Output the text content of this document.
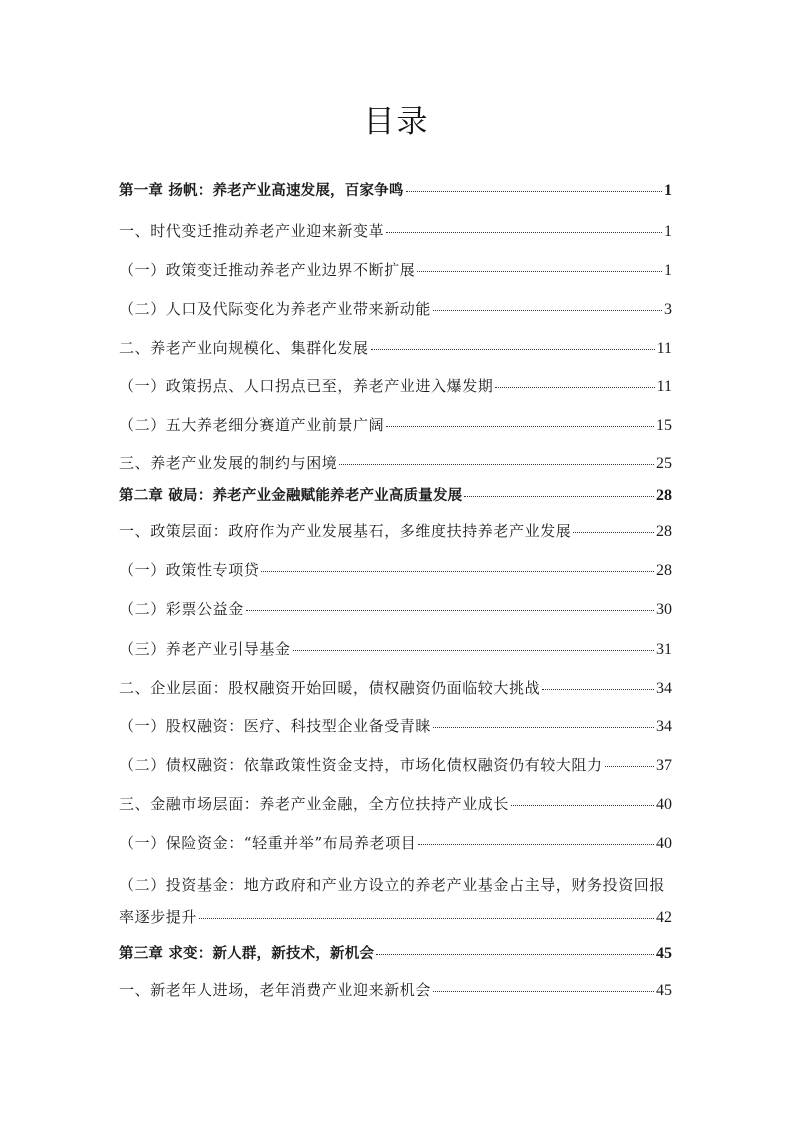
目录
第一章 扬帆：养老产业高速发展，百家争鸣	1
一、时代变迁推动养老产业迎来新变革	1
（一）政策变迁推动养老产业边界不断扩展	1
（二）人口及代际变化为养老产业带来新动能	3
二、养老产业向规模化、集群化发展	11
（一）政策拐点、人口拐点已至，养老产业进入爆发期	11
（二）五大养老细分赛道产业前景广阔	15
三、养老产业发展的制约与困境	25
第二章 破局：养老产业金融赋能养老产业高质量发展	28
一、政策层面：政府作为产业发展基石，多维度扶持养老产业发展	28
（一）政策性专项贷	28
（二）彩票公益金	30
（三）养老产业引导基金	31
二、企业层面：股权融资开始回暖，债权融资仍面临较大挑战	34
（一）股权融资：医疗、科技型企业备受青睐	34
（二）债权融资：依靠政策性资金支持，市场化债权融资仍有较大阻力	37
三、金融市场层面：养老产业金融，全方位扶持产业成长	40
（一）保险资金：“轻重并举”布局养老项目	40
（二）投资基金：地方政府和产业方设立的养老产业基金占主导，财务投资回报
率逐步提升	42
第三章 求变：新人群，新技术，新机会	45
一、新老年人进场，老年消费产业迎来新机会	45
